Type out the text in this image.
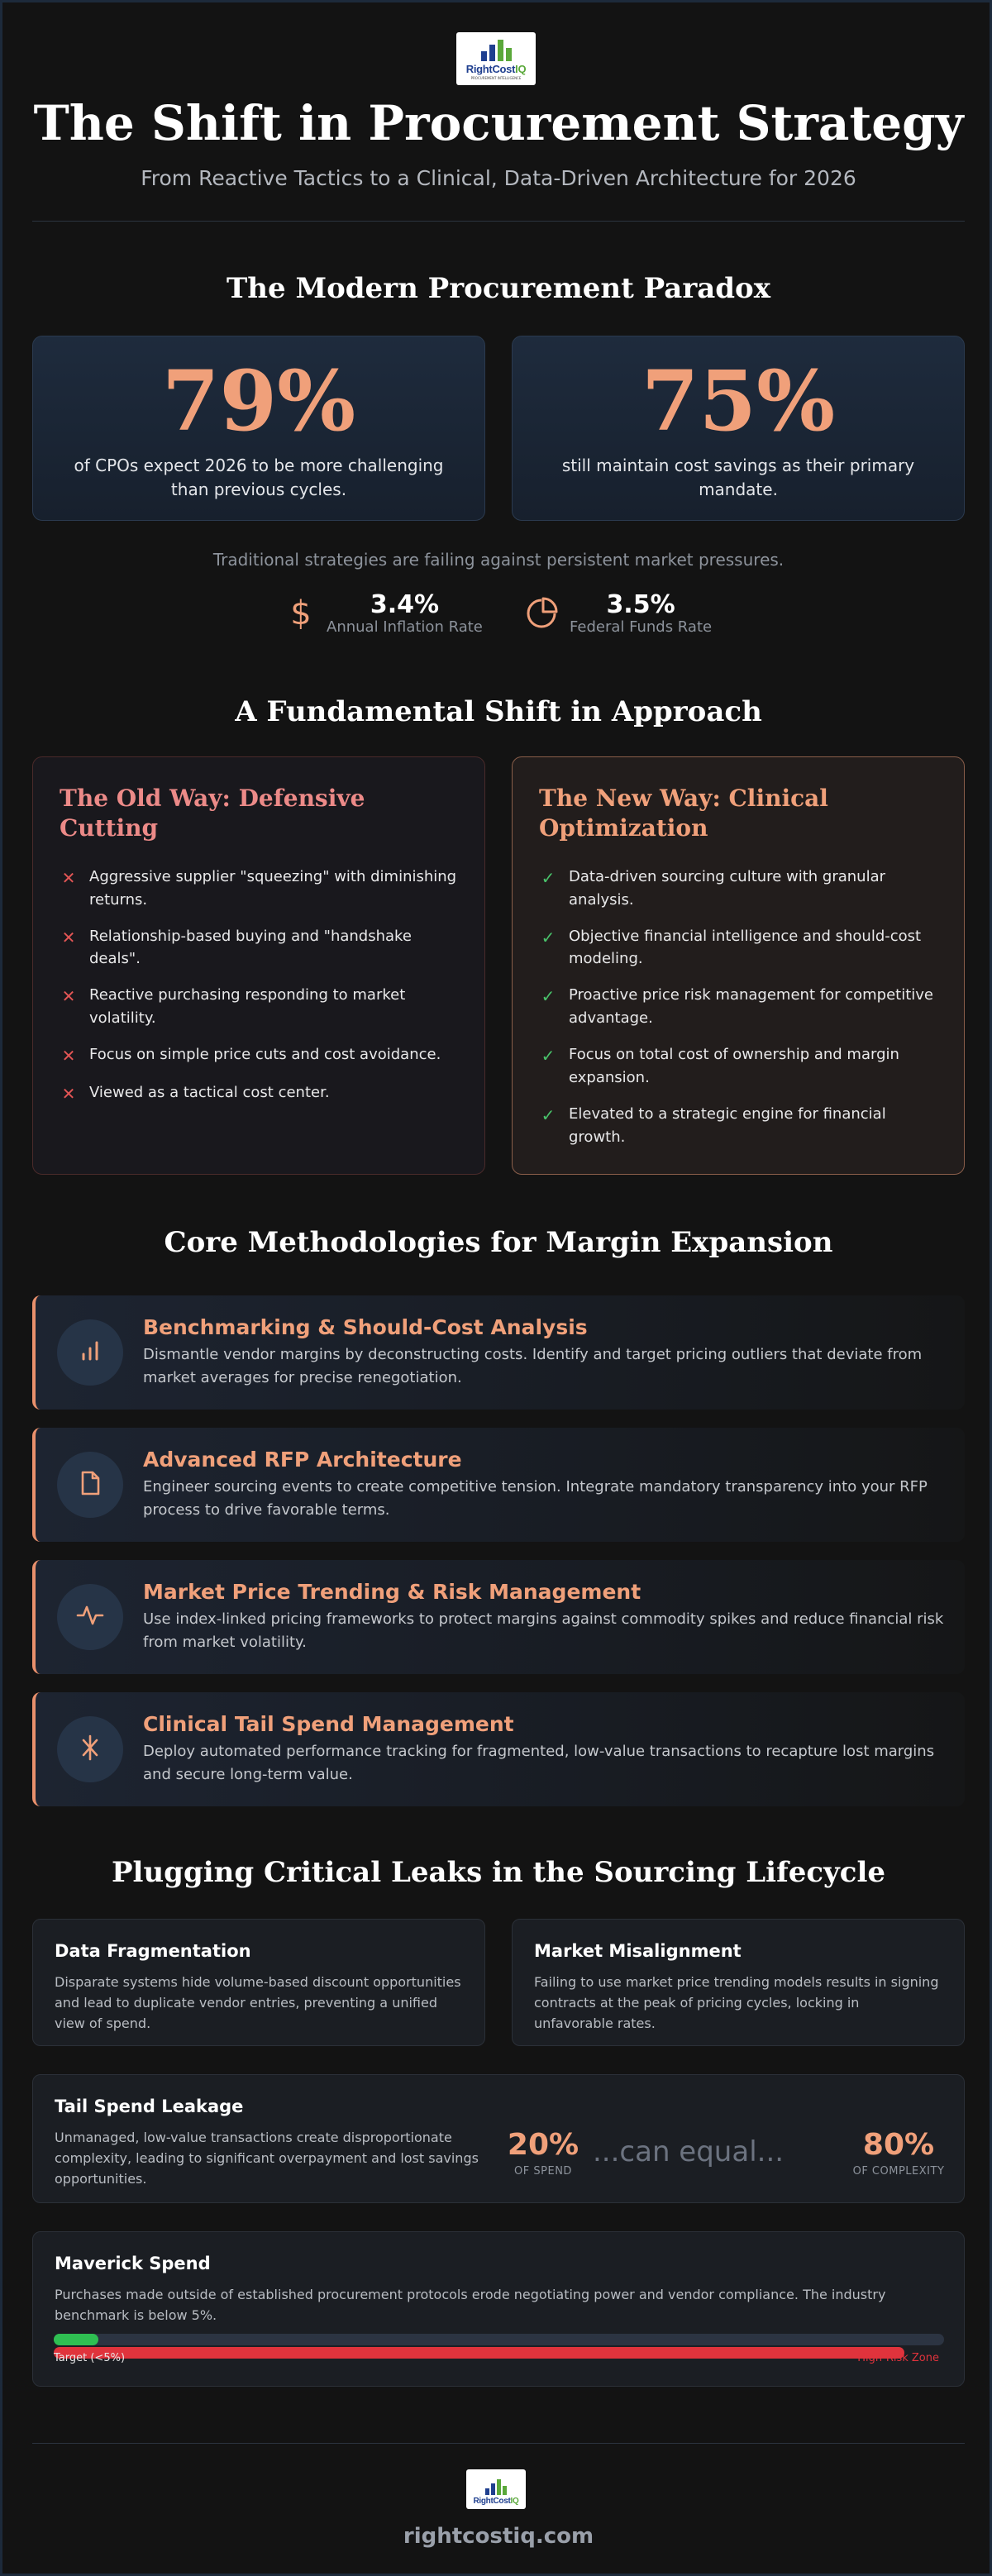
RightCostIQ
PROCUREMENT INTELLIGENCE
The Shift in Procurement Strategy
From Reactive Tactics to a Clinical, Data-Driven Architecture for 2026
The Modern Procurement Paradox
79%
of CPOs expect 2026 to be more challenging than previous cycles.
75%
still maintain cost savings as their primary mandate.
Traditional strategies are failing against persistent market pressures.
$	3.4%
Annual Inflation Rate
3.5%
Federal Funds Rate
A Fundamental Shift in Approach
The Old Way: Defensive Cutting
✕ Aggressive supplier "squeezing" with diminishing returns.
✕ Relationship-based buying and "handshake deals".
✕ Reactive purchasing responding to market volatility.
✕ Focus on simple price cuts and cost avoidance.
✕ Viewed as a tactical cost center.
The New Way: Clinical Optimization
✓ Data-driven sourcing culture with granular analysis.
✓ Objective financial intelligence and should-cost modeling.
✓ Proactive price risk management for competitive advantage.
✓ Focus on total cost of ownership and margin expansion.
✓ Elevated to a strategic engine for financial growth.
Core Methodologies for Margin Expansion
Benchmarking & Should-Cost Analysis
Dismantle vendor margins by deconstructing costs. Identify and target pricing outliers that deviate from market averages for precise renegotiation.
Advanced RFP Architecture
Engineer sourcing events to create competitive tension. Integrate mandatory transparency into your RFP process to drive favorable terms.
Market Price Trending & Risk Management
Use index-linked pricing frameworks to protect margins against commodity spikes and reduce financial risk from market volatility.
Clinical Tail Spend Management
Deploy automated performance tracking for fragmented, low-value transactions to recapture lost margins and secure long-term value.
Plugging Critical Leaks in the Sourcing Lifecycle
Data Fragmentation
Disparate systems hide volume-based discount opportunities and lead to duplicate vendor entries, preventing a unified view of spend.
Market Misalignment
Failing to use market price trending models results in signing contracts at the peak of pricing cycles, locking in unfavorable rates.
Tail Spend Leakage
Unmanaged, low-value transactions create disproportionate complexity, leading to significant overpayment and lost savings opportunities.
20%
OF SPEND
...can equal...	80%
OF COMPLEXITY
Maverick Spend
Purchases made outside of established procurement protocols erode negotiating power and vendor compliance. The industry benchmark is below 5%.
Target (<5%)	High-Risk Zone
RightCostIQ
rightcostiq.com
